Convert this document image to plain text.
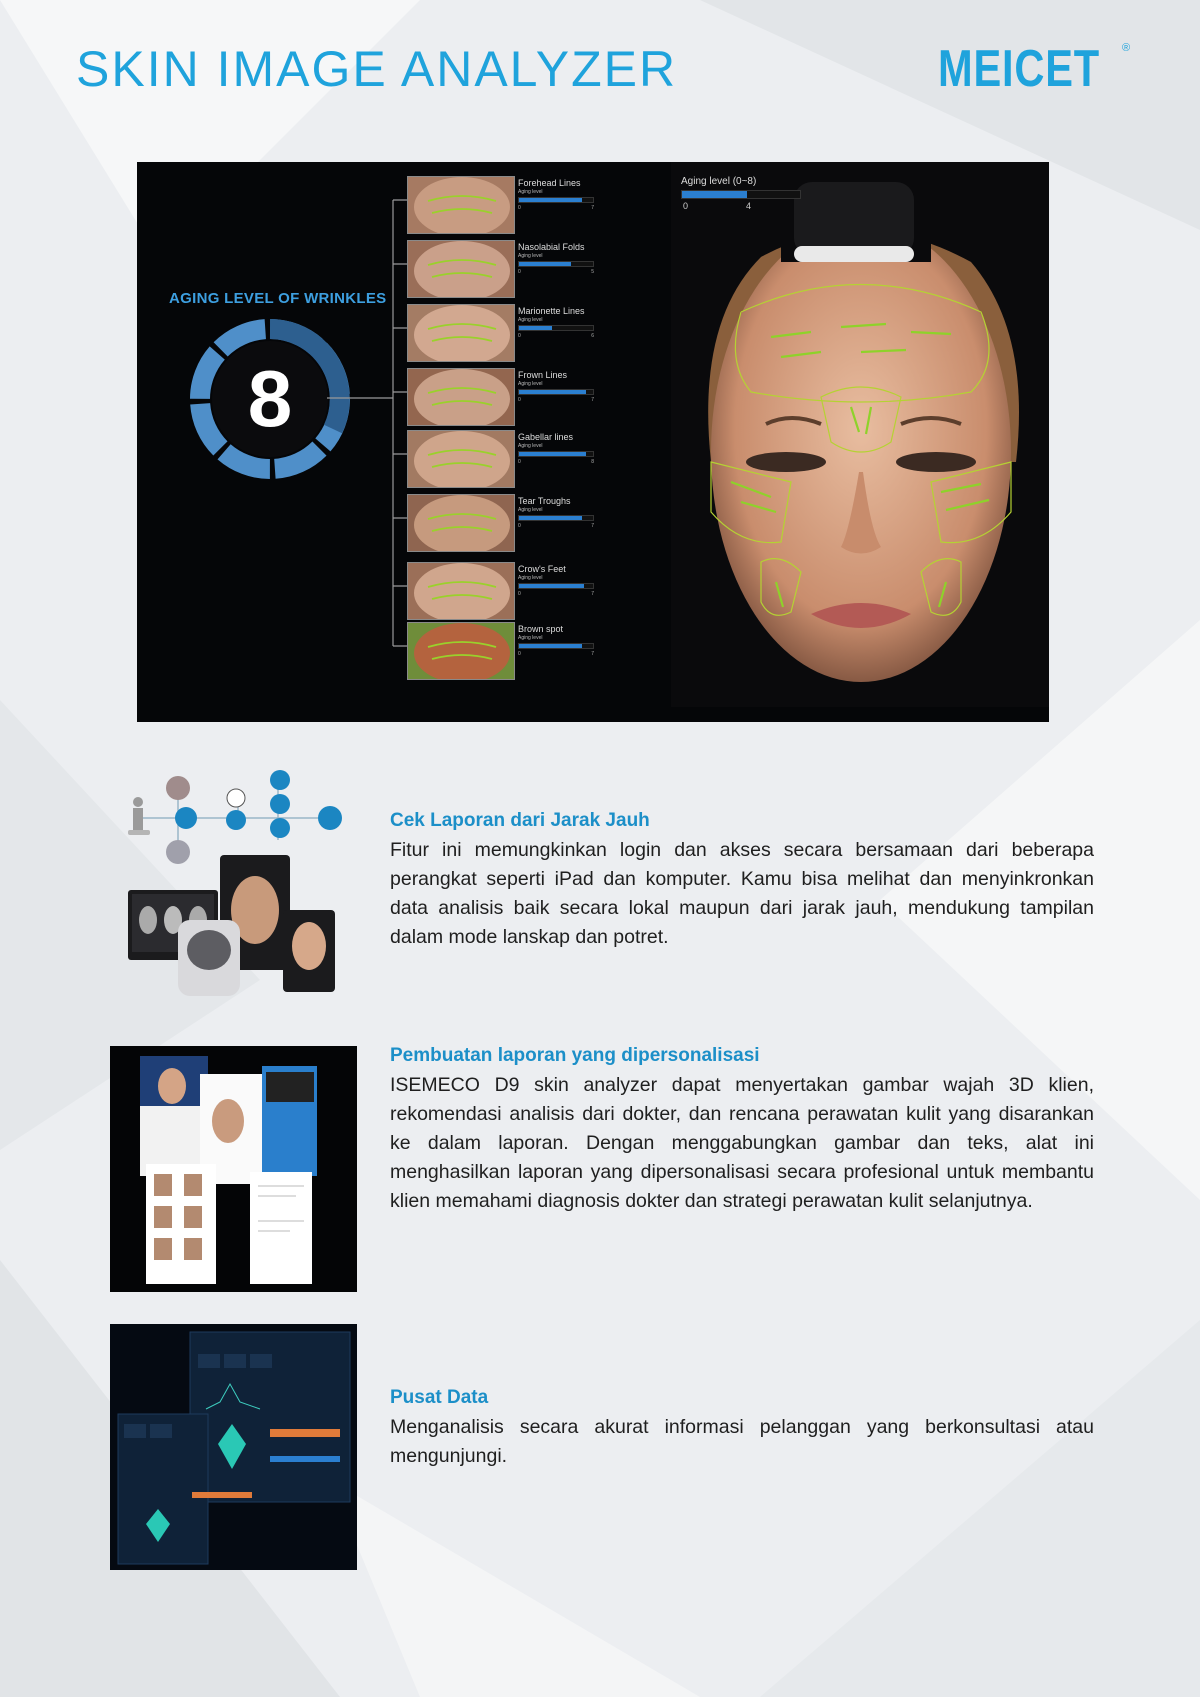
SKIN IMAGE ANALYZER	MEICET ®
AGING LEVEL OF WRINKLES
8
Forehead Lines
Aging level
0	7
Nasolabial Folds
Aging level
0	5
Marionette Lines
Aging level
0	6
Frown Lines
Aging level
0	7
Gabellar lines
Aging level
0	8
Tear Troughs
Aging level
0	7
Crow's Feet
Aging level
0	7
Brown spot
Aging level
0	7
Aging level (0~8)
0	4
Cek Laporan dari Jarak Jauh

Fitur ini memungkinkan login dan akses secara bersamaan dari beberapa perangkat seperti iPad dan komputer. Kamu bisa melihat dan menyinkronkan data analisis baik secara lokal maupun dari jarak jauh, mendukung tampilan dalam mode lanskap dan potret.

Pembuatan laporan yang dipersonalisasi

ISEMECO D9 skin analyzer dapat menyertakan gambar wajah 3D klien, rekomendasi analisis dari dokter, dan rencana perawatan kulit yang disarankan ke dalam laporan. Dengan menggabungkan gambar dan teks, alat ini menghasilkan laporan yang dipersonalisasi secara profesional untuk membantu klien memahami diagnosis dokter dan strategi perawatan kulit selanjutnya.

Pusat Data

Menganalisis secara akurat informasi pelanggan yang berkonsultasi atau mengunjungi.
